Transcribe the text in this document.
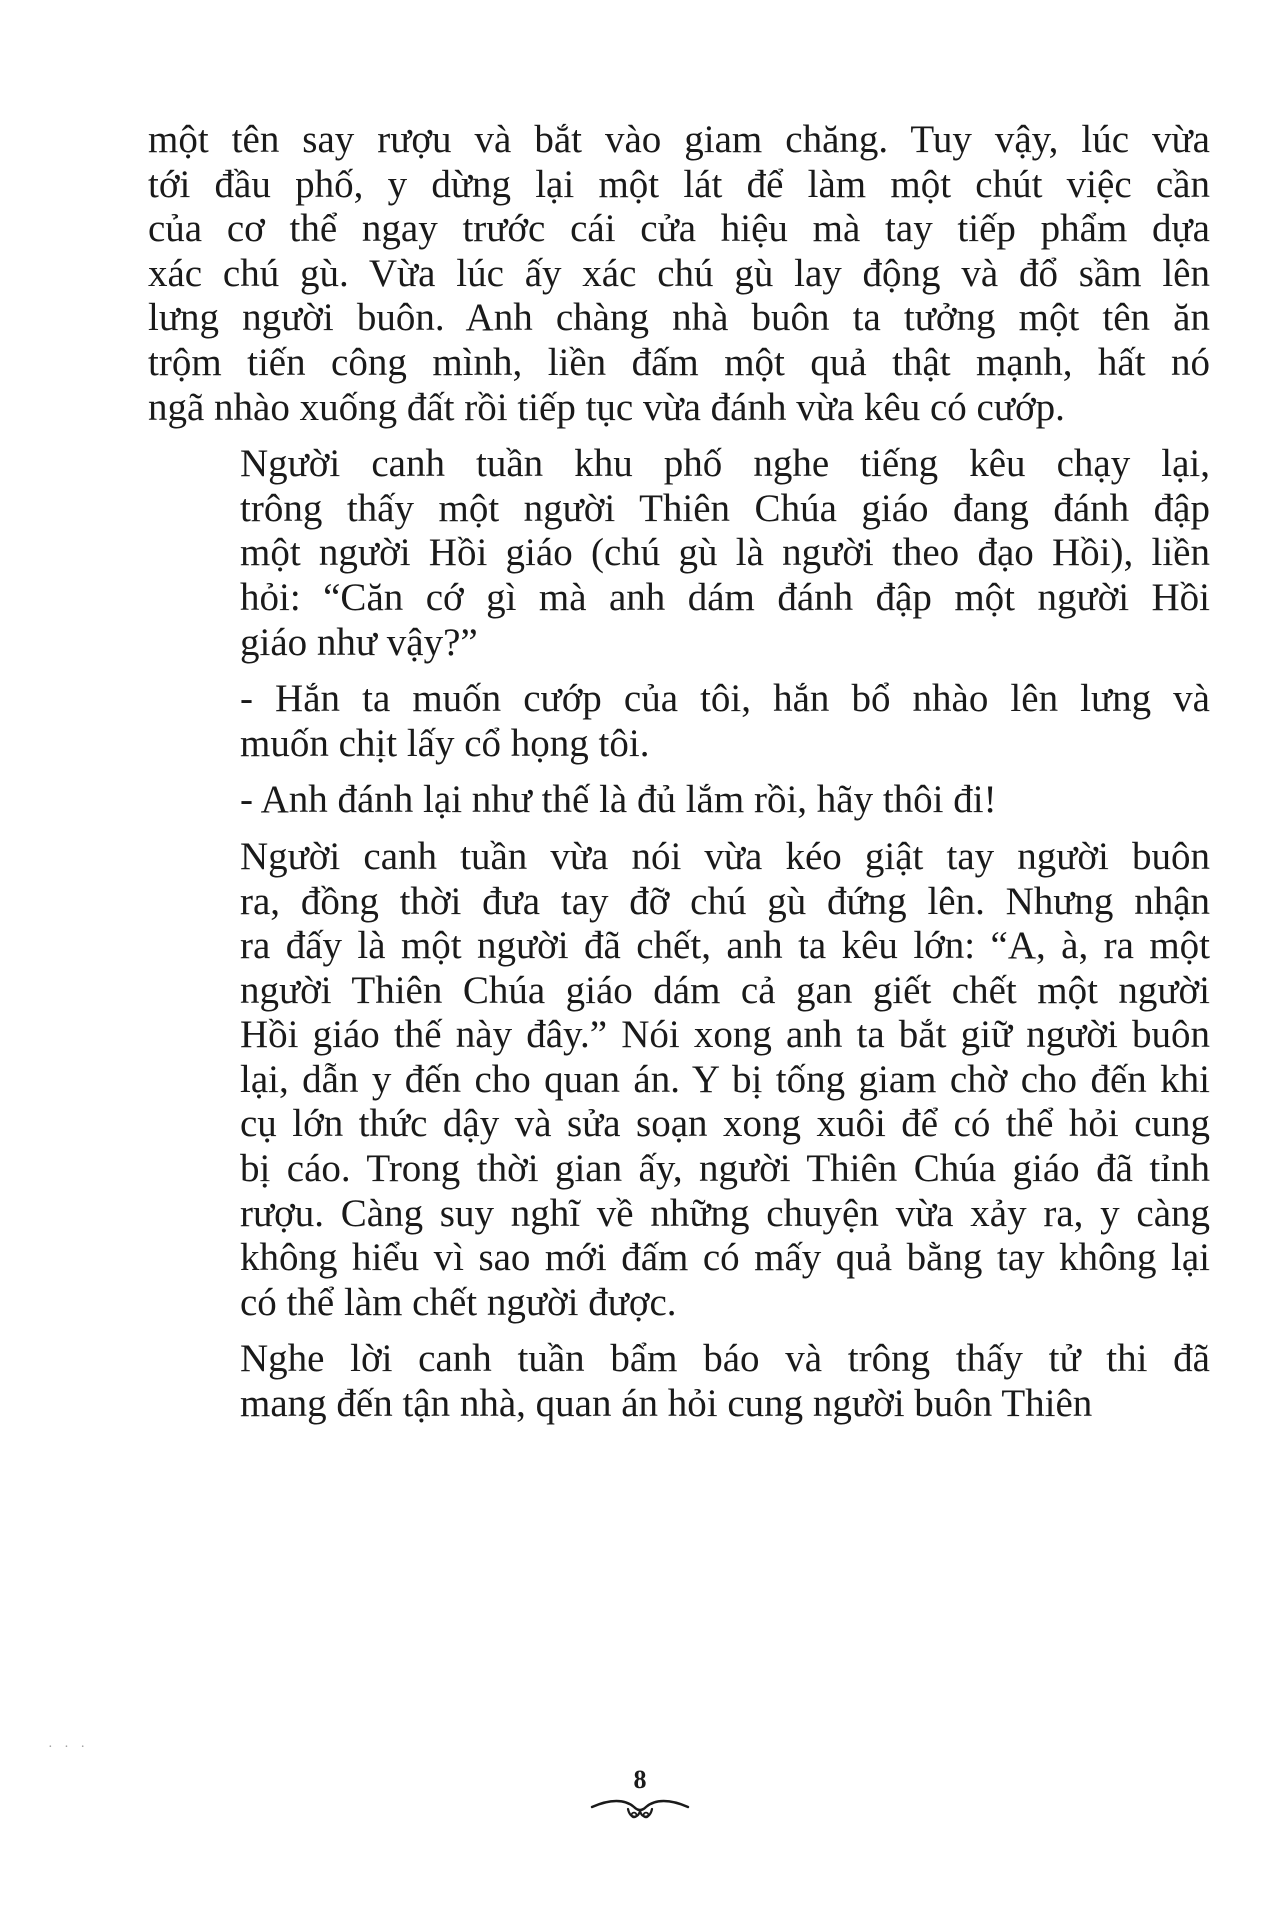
một tên say rượu và bắt vào giam chăng. Tuy vậy, lúc vừa
tới đầu phố, y dừng lại một lát để làm một chút việc cần
của cơ thể ngay trước cái cửa hiệu mà tay tiếp phẩm dựa
xác chú gù. Vừa lúc ấy xác chú gù lay động và đổ sầm lên
lưng người buôn. Anh chàng nhà buôn ta tưởng một tên ăn
trộm tiến công mình, liền đấm một quả thật mạnh, hất nó
ngã nhào xuống đất rồi tiếp tục vừa đánh vừa kêu có cướp.
Người canh tuần khu phố nghe tiếng kêu chạy lại,
trông thấy một người Thiên Chúa giáo đang đánh đập
một người Hồi giáo (chú gù là người theo đạo Hồi), liền
hỏi: “Căn cớ gì mà anh dám đánh đập một người Hồi
giáo như vậy?”
- Hắn ta muốn cướp của tôi, hắn bổ nhào lên lưng và
muốn chịt lấy cổ họng tôi.
- Anh đánh lại như thế là đủ lắm rồi, hãy thôi đi!
Người canh tuần vừa nói vừa kéo giật tay người buôn
ra, đồng thời đưa tay đỡ chú gù đứng lên. Nhưng nhận
ra đấy là một người đã chết, anh ta kêu lớn: “A, à, ra một
người Thiên Chúa giáo dám cả gan giết chết một người
Hồi giáo thế này đây.” Nói xong anh ta bắt giữ người buôn
lại, dẫn y đến cho quan án. Y bị tống giam chờ cho đến khi
cụ lớn thức dậy và sửa soạn xong xuôi để có thể hỏi cung
bị cáo. Trong thời gian ấy, người Thiên Chúa giáo đã tỉnh
rượu. Càng suy nghĩ về những chuyện vừa xảy ra, y càng
không hiểu vì sao mới đấm có mấy quả bằng tay không lại
có thể làm chết người được.
Nghe lời canh tuần bẩm báo và trông thấy tử thi đã
mang đến tận nhà, quan án hỏi cung người buôn Thiên
· · ·
8
